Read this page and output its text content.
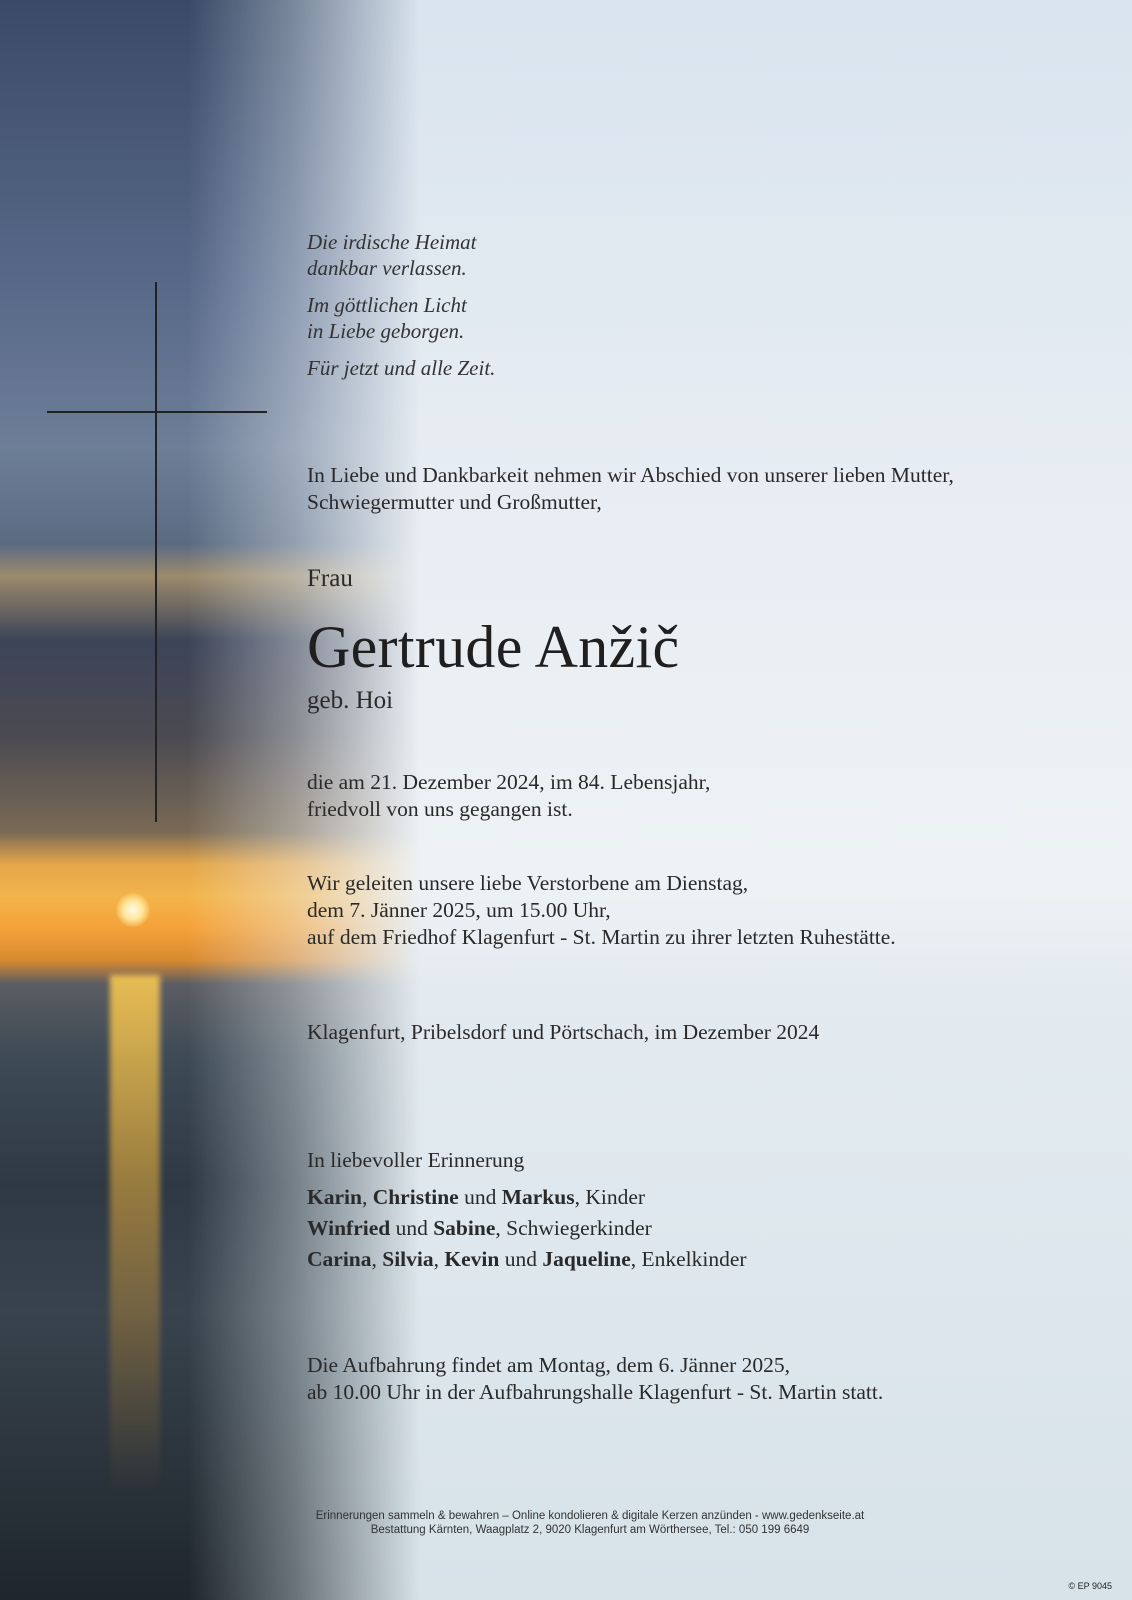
Die irdische Heimat
dankbar verlassen.
Im göttlichen Licht
in Liebe geborgen.
Für jetzt und alle Zeit.
In Liebe und Dankbarkeit nehmen wir Abschied von unserer lieben Mutter,
Schwiegermutter und Großmutter,
Frau
Gertrude Anžič
geb. Hoi
die am 21. Dezember 2024, im 84. Lebensjahr,
friedvoll von uns gegangen ist.
Wir geleiten unsere liebe Verstorbene am Dienstag,
dem 7. Jänner 2025, um 15.00 Uhr,
auf dem Friedhof Klagenfurt - St. Martin zu ihrer letzten Ruhestätte.
Klagenfurt, Pribelsdorf und Pörtschach, im Dezember 2024
In liebevoller Erinnerung
Karin, Christine und Markus, Kinder
Winfried und Sabine, Schwiegerkinder
Carina, Silvia, Kevin und Jaqueline, Enkelkinder
Die Aufbahrung findet am Montag, dem 6. Jänner 2025,
ab 10.00 Uhr in der Aufbahrungshalle Klagenfurt - St. Martin statt.
Erinnerungen sammeln & bewahren – Online kondolieren & digitale Kerzen anzünden - www.gedenkseite.at
Bestattung Kärnten, Waagplatz 2, 9020 Klagenfurt am Wörthersee, Tel.: 050 199 6649
© EP 9045
